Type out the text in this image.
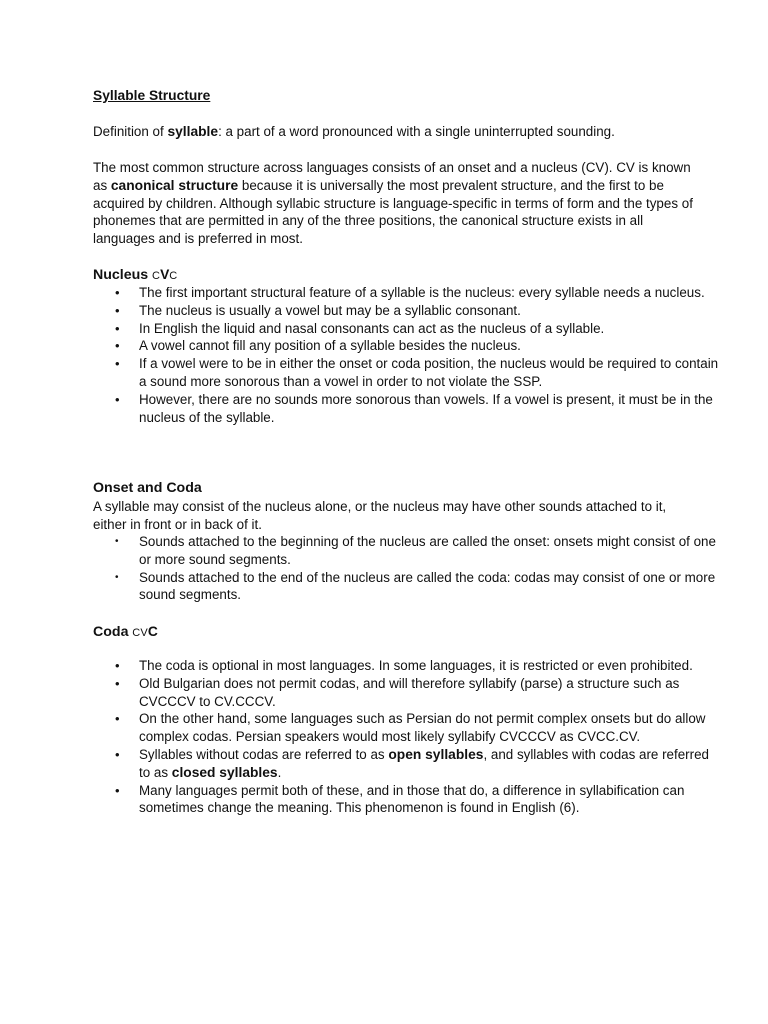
Syllable Structure

Definition of syllable: a part of a word pronounced with a single uninterrupted sounding.

The most common structure across languages consists of an onset and a nucleus (CV). CV is known as canonical structure because it is universally the most prevalent structure, and the first to be acquired by children. Although syllabic structure is language-specific in terms of form and the types of phonemes that are permitted in any of the three positions, the canonical structure exists in all languages and is preferred in most.

Nucleus CVC

• The first important structural feature of a syllable is the nucleus: every syllable needs a nucleus.
• The nucleus is usually a vowel but may be a syllablic consonant.
• In English the liquid and nasal consonants can act as the nucleus of a syllable.
• A vowel cannot fill any position of a syllable besides the nucleus.
• If a vowel were to be in either the onset or coda position, the nucleus would be required to contain a sound more sonorous than a vowel in order to not violate the SSP.
• However, there are no sounds more sonorous than vowels. If a vowel is present, it must be in the nucleus of the syllable.

Onset and Coda

A syllable may consist of the nucleus alone, or the nucleus may have other sounds attached to it, either in front or in back of it.

• Sounds attached to the beginning of the nucleus are called the onset: onsets might consist of one or more sound segments.
• Sounds attached to the end of the nucleus are called the coda: codas may consist of one or more sound segments.

Coda CVC

• The coda is optional in most languages. In some languages, it is restricted or even prohibited.
• Old Bulgarian does not permit codas, and will therefore syllabify (parse) a structure such as CVCCCV to CV.CCCV.
• On the other hand, some languages such as Persian do not permit complex onsets but do allow complex codas. Persian speakers would most likely syllabify CVCCCV as CVCC.CV.
• Syllables without codas are referred to as open syllables, and syllables with codas are referred to as closed syllables.
• Many languages permit both of these, and in those that do, a difference in syllabification can sometimes change the meaning. This phenomenon is found in English (6).
